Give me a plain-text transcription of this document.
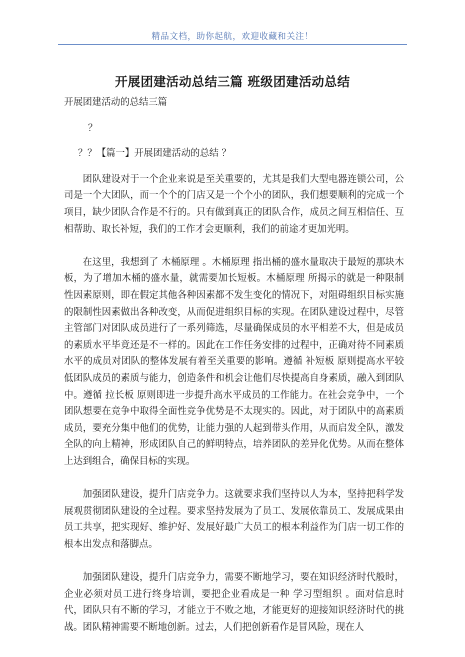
精品文档，助你起航，欢迎收藏和关注！
开展团建活动总结三篇 班级团建活动总结

开展团建活动的总结三篇

？

？？【篇一】开展团建活动的总结 ？

团队建设对于一个企业来说是至关重要的，尤其是我们大型电器连锁公司，公司是一个大团队，而一个个的门店又是一个个小的团队，我们想要顺利的完成一个项目，缺少团队合作是不行的。只有做到真正的团队合作，成员之间互相信任、互相帮助、取长补短，我们的工作才会更顺利，我们的前途才更加光明。

在这里，我想到了 木桶原理 。木桶原理 指出桶的盛水量取决于最短的那块木板，为了增加木桶的盛水量，就需要加长短板。木桶原理 所揭示的就是一种限制性因素原则，即在假定其他各种因素都不发生变化的情况下，对阻碍组织目标实施的限制性因素做出各种改变，从而促进组织目标的实现。在团队建设过程中，尽管主管部门对团队成员进行了一系列筛选，尽量确保成员的水平相差不大，但是成员的素质水平毕竟还是不一样的。因此在工作任务安排的过程中，正确对待不同素质水平的成员对团队的整体发展有着至关重要的影响。遵循 补短板 原则提高水平较低团队成员的素质与能力，创造条件和机会让他们尽快提高自身素质，融入到团队中。遵循 拉长板 原则即进一步提升高水平成员的工作能力。在社会竞争中，一个团队想要在竞争中取得全面性竞争优势是不太现实的。因此，对于团队中的高素质成员，要充分集中他们的优势，让能力强的人起到带头作用，从而启发全队，激发全队的向上精神，形成团队自己的鲜明特点，培养团队的差异化优势。从而在整体上达到组合，确保目标的实现。

加强团队建设，提升门店竞争力。这就要求我们坚持以人为本，坚持把科学发展观贯彻团队建设的全过程。要求坚持发展为了员工、发展依靠员工、发展成果由员工共享，把实现好、维护好、发展好最广大员工的根本利益作为门店一切工作的根本出发点和落脚点。

加强团队建设，提升门店竞争力，需要不断地学习，要在知识经济时代般时，企业必须对员工进行终身培训，要把企业看成是一种 学习型组织 。面对信息时代，团队只有不断的学习，才能立于不败之地，才能更好的迎接知识经济时代的挑战。团队精神需要不断地创新。过去，人们把创新看作是冒风险，现在人
